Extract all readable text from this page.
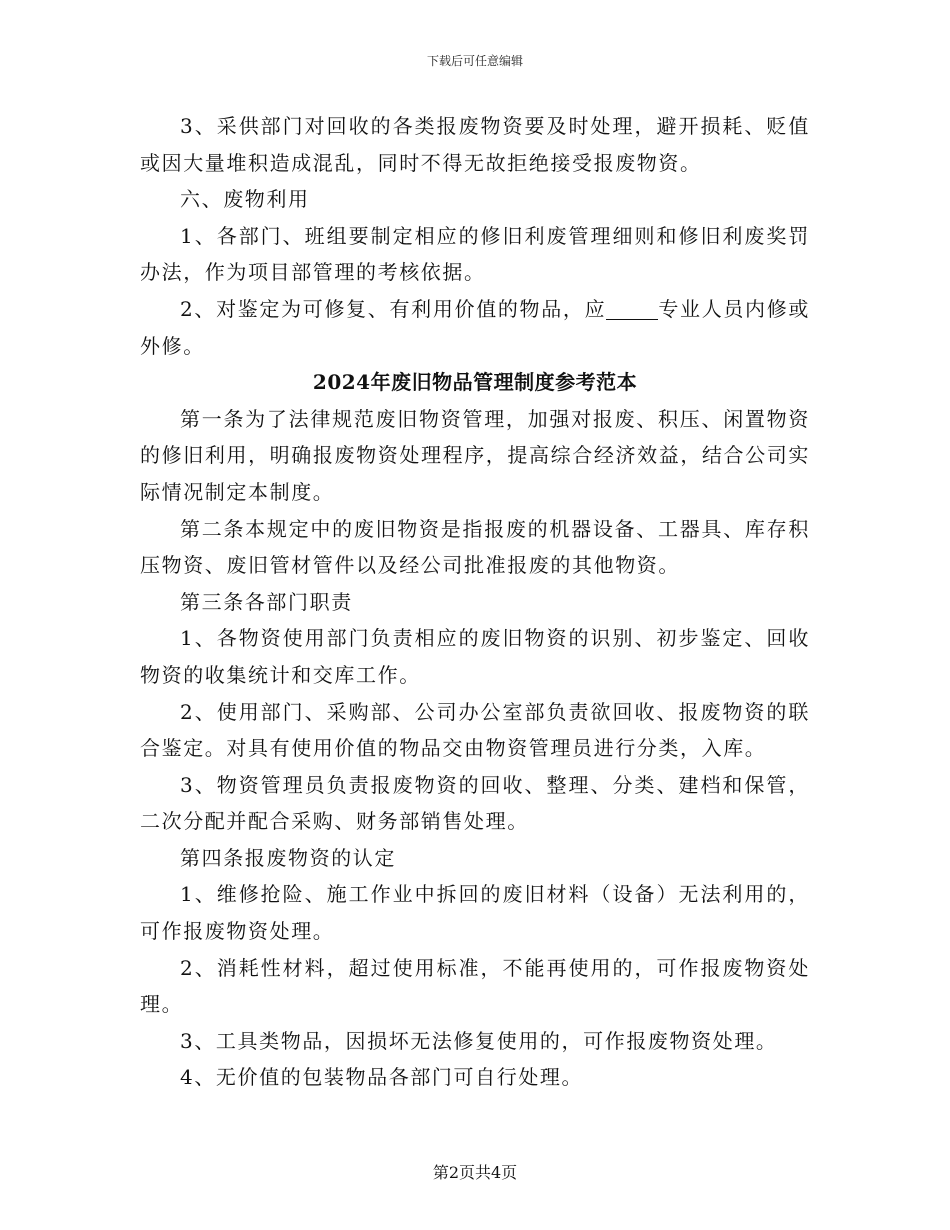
下载后可任意编辑

3、采供部门对回收的各类报废物资要及时处理，避开损耗、贬值或因大量堆积造成混乱，同时不得无故拒绝接受报废物资。

六、废物利用

1、各部门、班组要制定相应的修旧利废管理细则和修旧利废奖罚办法，作为项目部管理的考核依据。

2、对鉴定为可修复、有利用价值的物品，应	专业人员内修或外修。

2024年废旧物品管理制度参考范本

第一条为了法律规范废旧物资管理，加强对报废、积压、闲置物资的修旧利用，明确报废物资处理程序，提高综合经济效益，结合公司实际情况制定本制度。

第二条本规定中的废旧物资是指报废的机器设备、工器具、库存积压物资、废旧管材管件以及经公司批准报废的其他物资。

第三条各部门职责

1、各物资使用部门负责相应的废旧物资的识别、初步鉴定、回收物资的收集统计和交库工作。

2、使用部门、采购部、公司办公室部负责欲回收、报废物资的联合鉴定。对具有使用价值的物品交由物资管理员进行分类，入库。

3、物资管理员负责报废物资的回收、整理、分类、建档和保管，二次分配并配合采购、财务部销售处理。

第四条报废物资的认定

1、维修抢险、施工作业中拆回的废旧材料（设备）无法利用的，可作报废物资处理。

2、消耗性材料，超过使用标准，不能再使用的，可作报废物资处理。

3、工具类物品，因损坏无法修复使用的，可作报废物资处理。

4、无价值的包装物品各部门可自行处理。

第2页共4页
